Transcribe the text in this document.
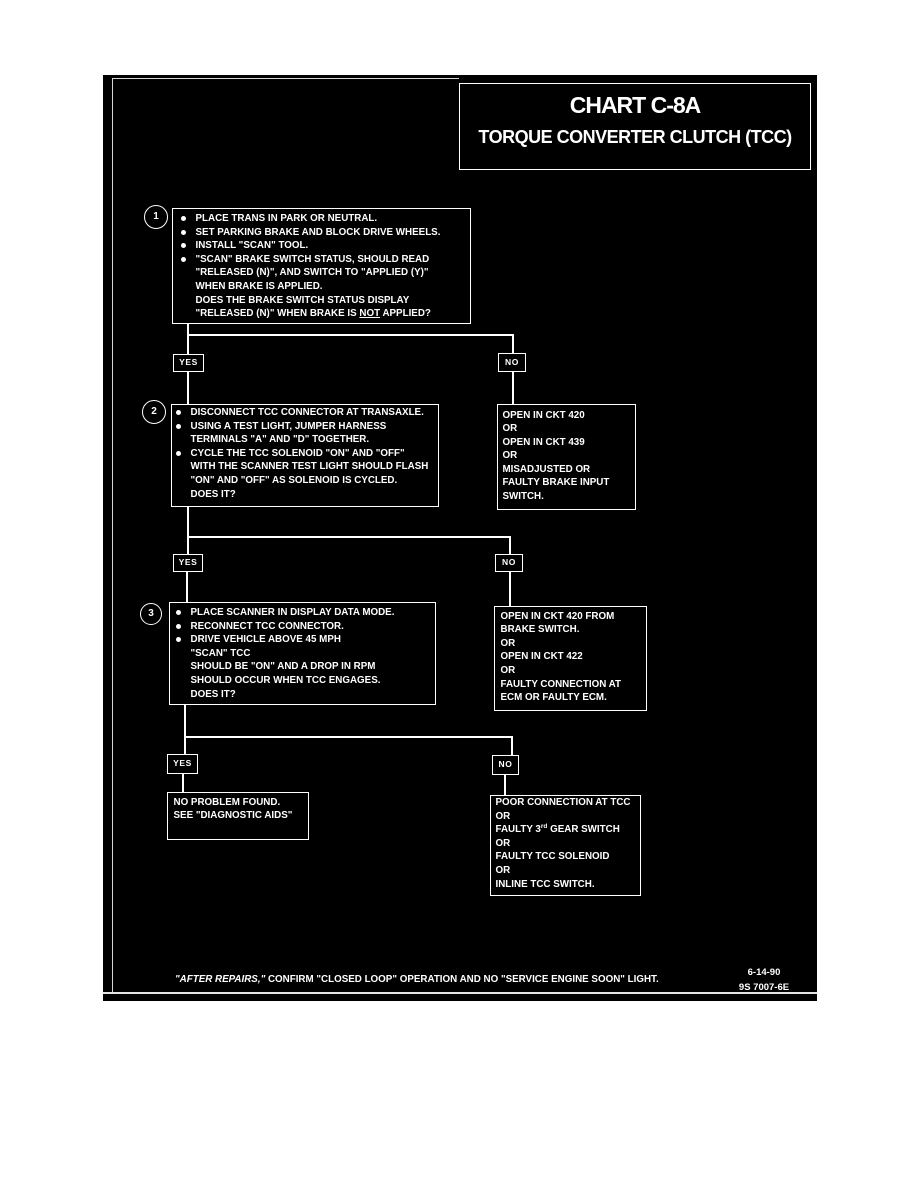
CHART C-8A
TORQUE CONVERTER CLUTCH (TCC)
1	PLACE TRANS IN PARK OR NEUTRAL.
SET PARKING BRAKE AND BLOCK DRIVE WHEELS.
INSTALL "SCAN" TOOL.
"SCAN" BRAKE SWITCH STATUS, SHOULD READ
"RELEASED (N)", AND SWITCH TO "APPLIED (Y)"
WHEN BRAKE IS APPLIED.
DOES THE BRAKE SWITCH STATUS DISPLAY
"RELEASED (N)" WHEN BRAKE IS NOT APPLIED?
YES	NO
OPEN IN CKT 420
OR
OPEN IN CKT 439
OR
MISADJUSTED OR
FAULTY BRAKE INPUT
SWITCH.
2	DISCONNECT TCC CONNECTOR AT TRANSAXLE.
USING A TEST LIGHT, JUMPER HARNESS
TERMINALS "A" AND "D" TOGETHER.
CYCLE THE TCC SOLENOID "ON" AND "OFF"
WITH THE SCANNER TEST LIGHT SHOULD FLASH
"ON" AND "OFF" AS SOLENOID IS CYCLED.
DOES IT?
YES	NO
OPEN IN CKT 420 FROM
BRAKE SWITCH.
OR
OPEN IN CKT 422
OR
FAULTY CONNECTION AT
ECM OR FAULTY ECM.
3	PLACE SCANNER IN DISPLAY DATA MODE.
RECONNECT TCC CONNECTOR.
DRIVE VEHICLE ABOVE 45 MPH
"SCAN" TCC
SHOULD BE "ON" AND A DROP IN RPM
SHOULD OCCUR WHEN TCC ENGAGES.
DOES IT?
YES	NO
NO PROBLEM FOUND.
SEE "DIAGNOSTIC AIDS"
POOR CONNECTION AT TCC
OR
FAULTY 3rd GEAR SWITCH
OR
FAULTY TCC SOLENOID
OR
INLINE TCC SWITCH.
"AFTER REPAIRS," CONFIRM "CLOSED LOOP" OPERATION AND NO "SERVICE ENGINE SOON" LIGHT.
6-14-90
9S 7007-6E
